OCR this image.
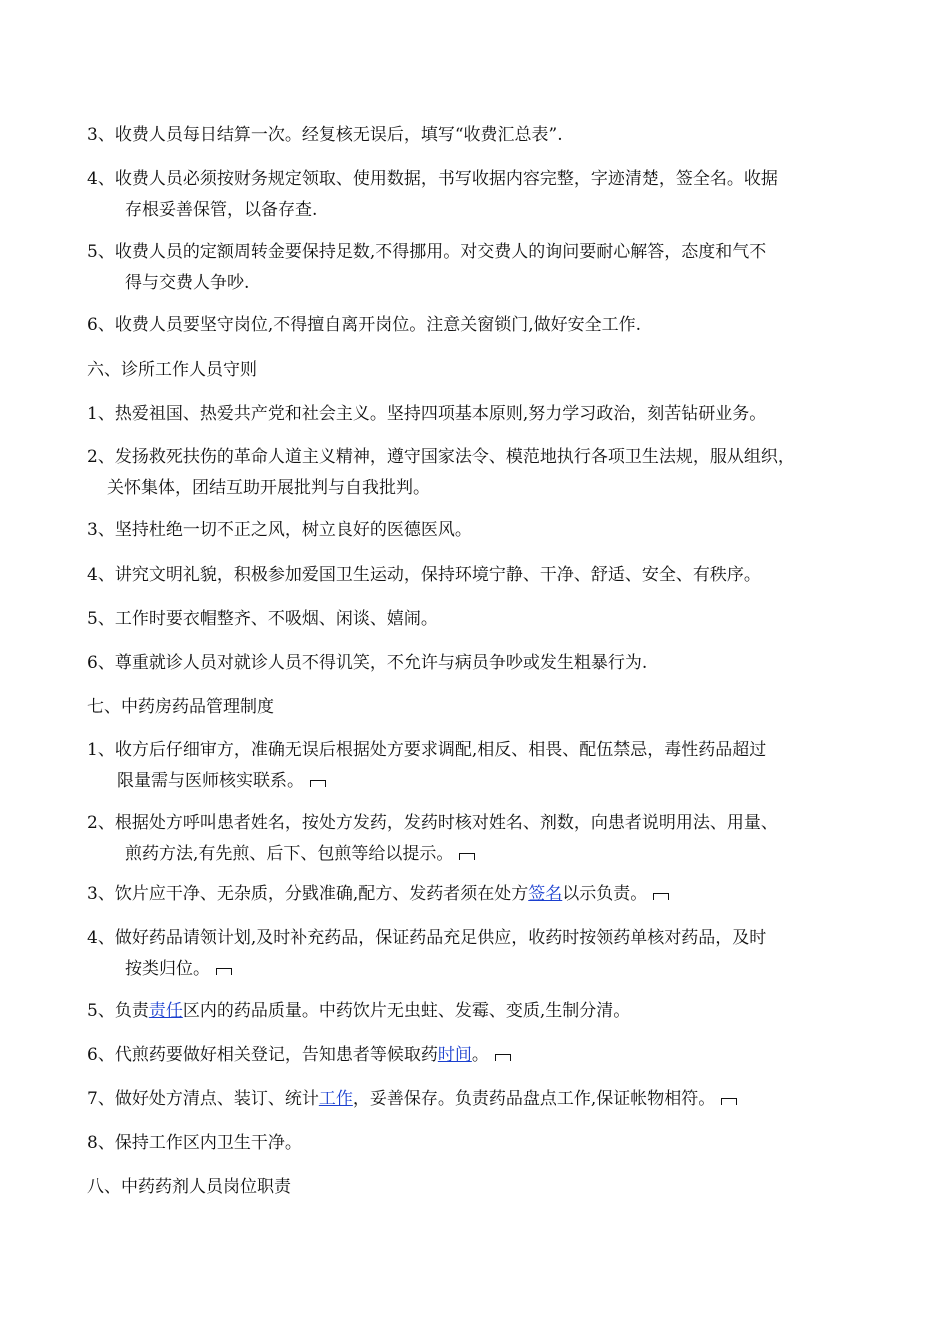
3、收费人员每日结算一次。经复核无误后，填写“收费汇总表”.

4、收费人员必须按财务规定领取、使用数据，书写收据内容完整，字迹清楚，签全名。收据
存根妥善保管，以备存查.

5、收费人员的定额周转金要保持足数,不得挪用。对交费人的询问要耐心解答，态度和气不
得与交费人争吵.

6、收费人员要坚守岗位,不得擅自离开岗位。注意关窗锁门,做好安全工作.

六、诊所工作人员守则

1、热爱祖国、热爱共产党和社会主义。坚持四项基本原则,努力学习政治，刻苦钻研业务。

2、发扬救死扶伤的革命人道主义精神，遵守国家法令、模范地执行各项卫生法规，服从组织，
关怀集体，团结互助开展批判与自我批判。

3、坚持杜绝一切不正之风，树立良好的医德医风。

4、讲究文明礼貌，积极参加爱国卫生运动，保持环境宁静、干净、舒适、安全、有秩序。

5、工作时要衣帽整齐、不吸烟、闲谈、嬉闹。

6、尊重就诊人员对就诊人员不得讥笑，不允许与病员争吵或发生粗暴行为.

七、中药房药品管理制度

1、收方后仔细审方，准确无误后根据处方要求调配,相反、相畏、配伍禁忌，毒性药品超过
限量需与医师核实联系。

2、根据处方呼叫患者姓名，按处方发药，发药时核对姓名、剂数，向患者说明用法、用量、
煎药方法,有先煎、后下、包煎等给以提示。

3、饮片应干净、无杂质，分戥准确,配方、发药者须在处方签名以示负责。

4、做好药品请领计划,及时补充药品，保证药品充足供应，收药时按领药单核对药品，及时
按类归位。

5、负责责任区内的药品质量。中药饮片无虫蛀、发霉、变质,生制分清。

6、代煎药要做好相关登记，告知患者等候取药时间。

7、做好处方清点、装订、统计工作，妥善保存。负责药品盘点工作,保证帐物相符。

8、保持工作区内卫生干净。

八、中药药剂人员岗位职责
